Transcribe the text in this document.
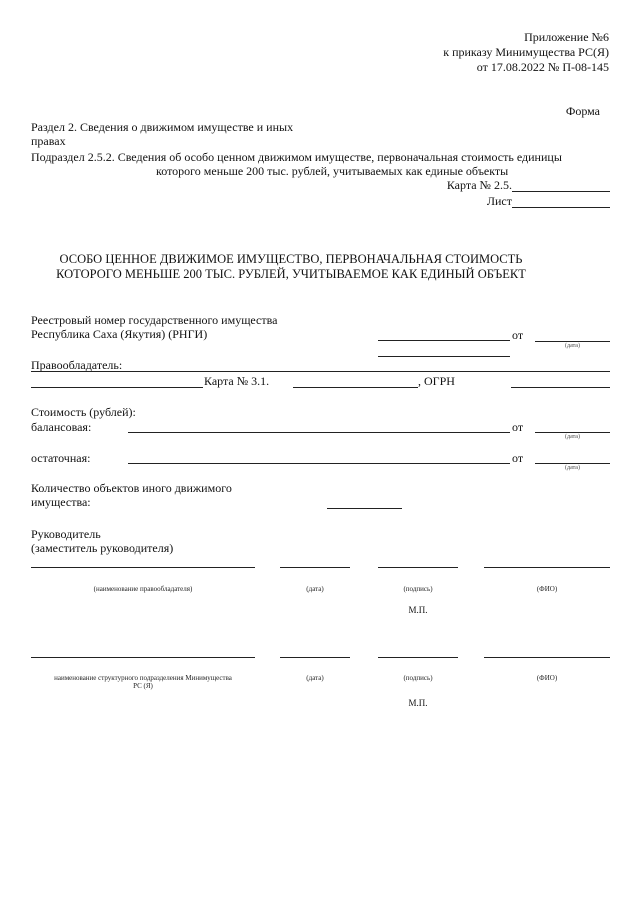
Приложение №6
к приказу Минимущества РС(Я)
от 17.08.2022 № П-08-145
Форма
Раздел 2. Сведения о движимом имуществе и иных
правах
Подраздел 2.5.2. Сведения об особо ценном движимом имуществе, первоначальная стоимость единицы
которого меньше 200 тыс. рублей, учитываемых как единые объекты
Карта № 2.5.
Лист
ОСОБО ЦЕННОЕ ДВИЖИМОЕ ИМУЩЕСТВО, ПЕРВОНАЧАЛЬНАЯ СТОИМОСТЬ
КОТОРОГО МЕНЬШЕ 200 ТЫС. РУБЛЕЙ, УЧИТЫВАЕМОЕ КАК ЕДИНЫЙ ОБЪЕКТ
Реестровый номер государственного имущества
Республика Саха (Якутия) (РНГИ)	от
(дата)
Правообладатель:
Карта № 3.1.	, ОГРН
Стоимость (рублей):
балансовая:	от
(дата)
остаточная:	от
(дата)
Количество объектов иного движимого
имущества:
Руководитель
(заместитель руководителя)
(наименование правообладателя)	(дата)	(подпись)	(ФИО)
М.П.
наименование структурного подразделения Минимущества
РС (Я)
(дата)	(подпись)	(ФИО)
М.П.
